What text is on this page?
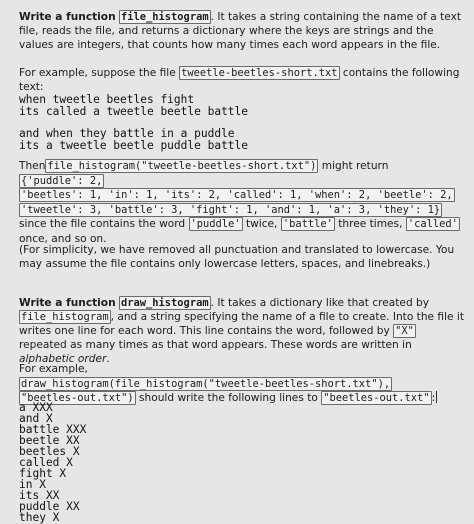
Write a function file_histogram . It takes a string containing the name of a text file, reads the file, and returns a dictionary where the keys are strings and the values are integers, that counts how many times each word appears in the file.
For example, suppose the file tweetle-beetles-short.txt contains the following text:
when tweetle beetles fight
its called a tweetle beetle battle
and when they battle in a puddle
its a tweetle beetle puddle battle
Then file_histogram("tweetle-beetles-short.txt") might return {'puddle': 2,
'beetles': 1, 'in': 1, 'its': 2, 'called': 1, 'when': 2, 'beetle': 2,
'tweetle': 3, 'battle': 3, 'fight': 1, 'and': 1, 'a': 3, 'they': 1} since the file contains the word 'puddle' twice, 'battle' three times, 'called' once, and so on.
(For simplicity, we have removed all punctuation and translated to lowercase. You may assume the file contains only lowercase letters, spaces, and linebreaks.)
Write a function draw_histogram . It takes a dictionary like that created by file_histogram , and a string specifying the name of a file to create. Into the file it writes one line for each word. This line contains the word, followed by "X" repeated as many times as that word appears. These words are written in alphabetic order.
For example, draw_histogram(file_histogram("tweetle-beetles-short.txt"),
"beetles-out.txt") should write the following lines to "beetles-out.txt" :
a XXX
and X
battle XXX
beetle XX
beetles X
called X
fight X
in X
its XX
puddle XX
they X
